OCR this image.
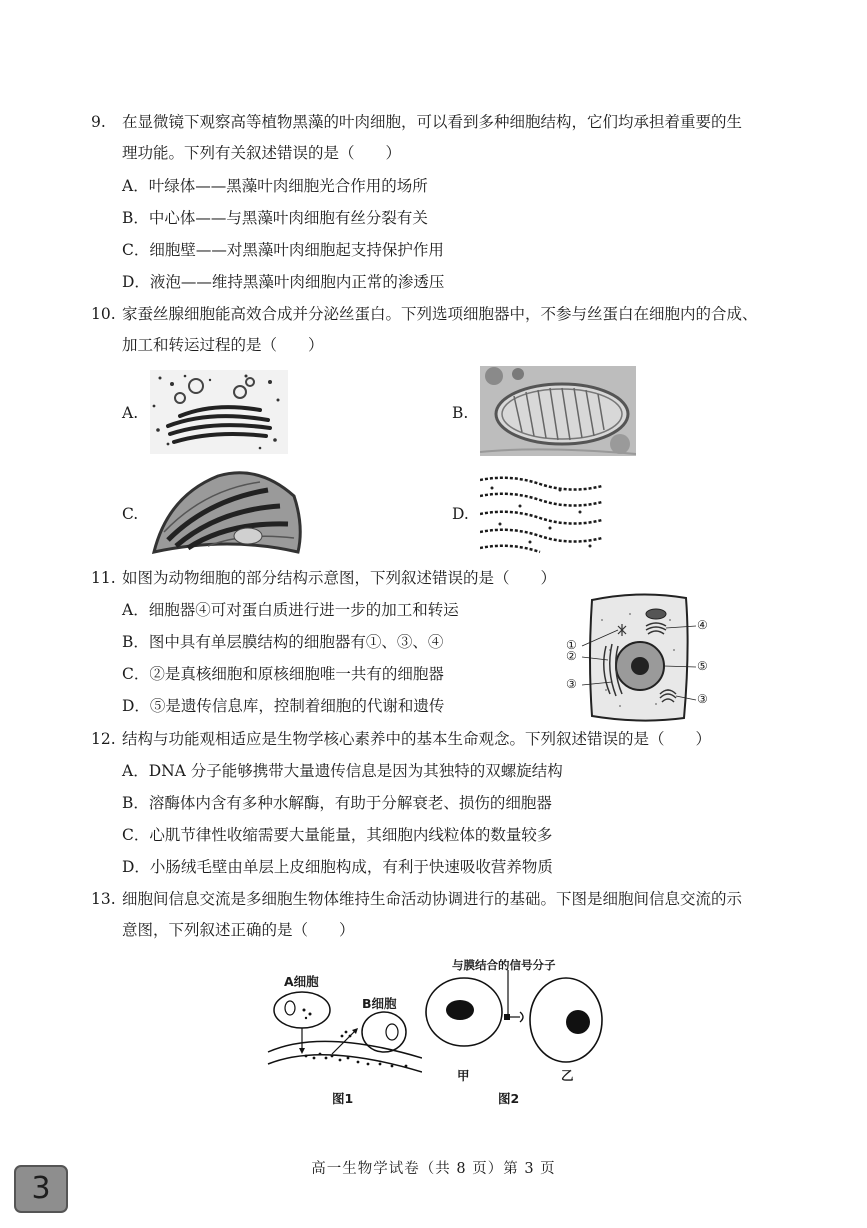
9. 在显微镜下观察高等植物黑藻的叶肉细胞，可以看到多种细胞结构，它们均承担着重要的生
理功能。下列有关叙述错误的是（　　）
A．叶绿体——黑藻叶肉细胞光合作用的场所
B．中心体——与黑藻叶肉细胞有丝分裂有关
C．细胞壁——对黑藻叶肉细胞起支持保护作用
D．液泡——维持黑藻叶肉细胞内正常的渗透压
10. 家蚕丝腺细胞能高效合成并分泌丝蛋白。下列选项细胞器中，不参与丝蛋白在细胞内的合成、
加工和转运过程的是（　　）
A.	B.
C.	D.
11. 如图为动物细胞的部分结构示意图，下列叙述错误的是（　　）
A．细胞器④可对蛋白质进行进一步的加工和转运
B．图中具有单层膜结构的细胞器有①、③、④
C．②是真核细胞和原核细胞唯一共有的细胞器
D．⑤是遗传信息库，控制着细胞的代谢和遗传
①
②
③
④
⑤
③
12. 结构与功能观相适应是生物学核心素养中的基本生命观念。下列叙述错误的是（　　）
A．DNA 分子能够携带大量遗传信息是因为其独特的双螺旋结构
B．溶酶体内含有多种水解酶，有助于分解衰老、损伤的细胞器
C．心肌节律性收缩需要大量能量，其细胞内线粒体的数量较多
D．小肠绒毛壁由单层上皮细胞构成，有利于快速吸收营养物质
13. 细胞间信息交流是多细胞生物体维持生命活动协调进行的基础。下图是细胞间信息交流的示
意图，下列叙述正确的是（　　）
A细胞
B细胞
图1
与膜结合的信号分子
甲	乙
图2
高一生物学试卷（共 8 页）第 3 页
3
